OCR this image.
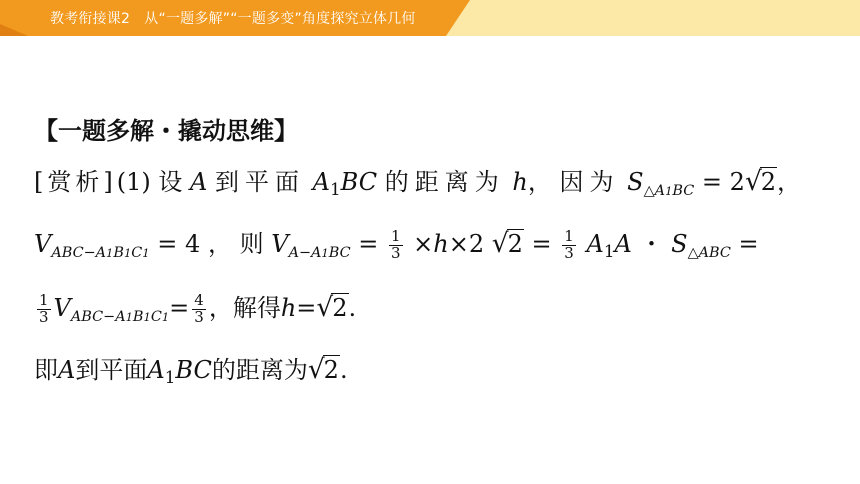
教考衔接课2　从“一题多解”“一题多变”角度探究立体几何
【一题多解・撬动思维】
[赏析](1) 设 A 到平面 $A_1BC$ 的距离为 h， 因为 $S_{\triangle A1BC} = 2√2$，
$V_{ABC-A1B1C1} = 4$ ， 则 $V_{A-A1BC} = \frac{1}{3} \times h\times 2$ $√2 = \frac{1}{3} A_1A$ ・ $S_{\triangle ABC}$ =
$\frac{1}{3} V_{ABC-A1B1C1}= \frac{4}{3}$ ，解得h=√2.
即A到平面$A_1BC$的距离为√2.
